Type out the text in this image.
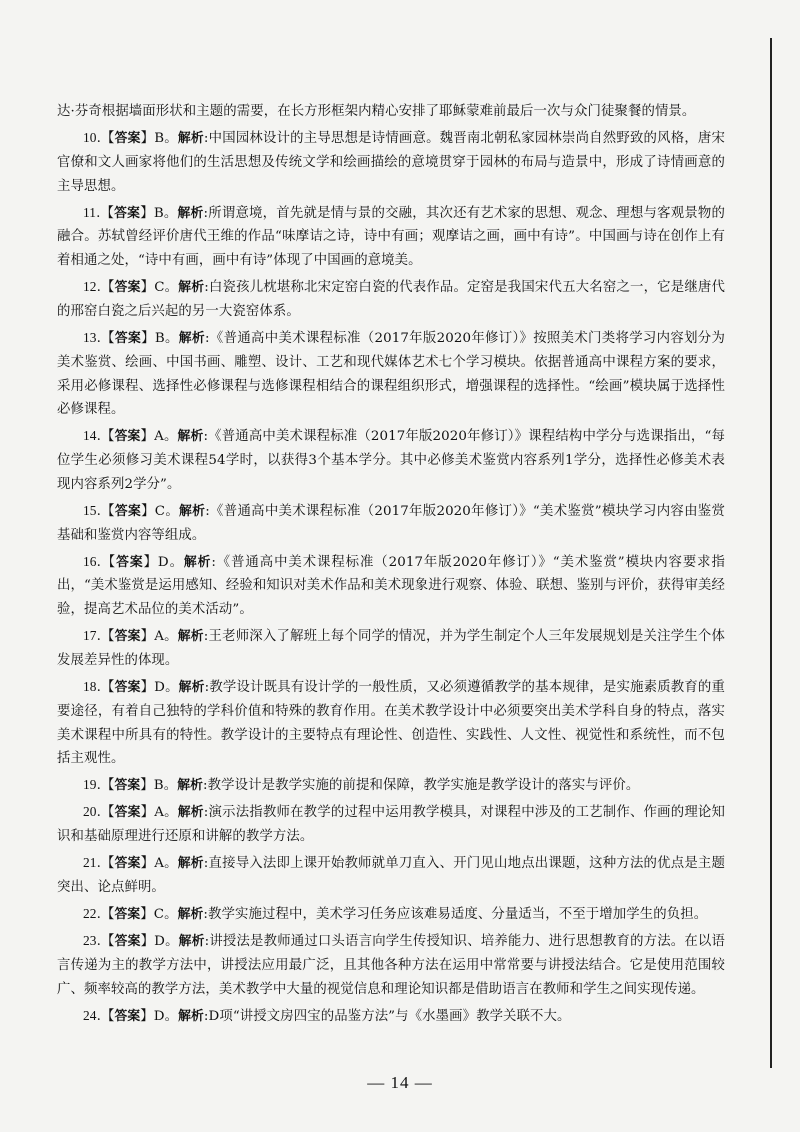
达·芬奇根据墙面形状和主题的需要，在长方形框架内精心安排了耶稣蒙难前最后一次与众门徒聚餐的情景。

10.【答案】B。解析:中国园林设计的主导思想是诗情画意。魏晋南北朝私家园林崇尚自然野致的风格，唐宋官僚和文人画家将他们的生活思想及传统文学和绘画描绘的意境贯穿于园林的布局与造景中，形成了诗情画意的主导思想。

11.【答案】B。解析:所谓意境，首先就是情与景的交融，其次还有艺术家的思想、观念、理想与客观景物的融合。苏轼曾经评价唐代王维的作品“味摩诘之诗，诗中有画；观摩诘之画，画中有诗”。中国画与诗在创作上有着相通之处，“诗中有画，画中有诗”体现了中国画的意境美。

12.【答案】C。解析:白瓷孩儿枕堪称北宋定窑白瓷的代表作品。定窑是我国宋代五大名窑之一，它是继唐代的邢窑白瓷之后兴起的另一大瓷窑体系。

13.【答案】B。解析:《普通高中美术课程标准（2017年版2020年修订）》按照美术门类将学习内容划分为美术鉴赏、绘画、中国书画、雕塑、设计、工艺和现代媒体艺术七个学习模块。依据普通高中课程方案的要求，采用必修课程、选择性必修课程与选修课程相结合的课程组织形式，增强课程的选择性。“绘画”模块属于选择性必修课程。

14.【答案】A。解析:《普通高中美术课程标准（2017年版2020年修订）》课程结构中学分与选课指出，“每位学生必须修习美术课程54学时，以获得3个基本学分。其中必修美术鉴赏内容系列1学分，选择性必修美术表现内容系列2学分”。

15.【答案】C。解析:《普通高中美术课程标准（2017年版2020年修订）》“美术鉴赏”模块学习内容由鉴赏基础和鉴赏内容等组成。

16.【答案】D。解析:《普通高中美术课程标准（2017年版2020年修订）》“美术鉴赏”模块内容要求指出，“美术鉴赏是运用感知、经验和知识对美术作品和美术现象进行观察、体验、联想、鉴别与评价，获得审美经验，提高艺术品位的美术活动”。

17.【答案】A。解析:王老师深入了解班上每个同学的情况，并为学生制定个人三年发展规划是关注学生个体发展差异性的体现。

18.【答案】D。解析:教学设计既具有设计学的一般性质，又必须遵循教学的基本规律，是实施素质教育的重要途径，有着自己独特的学科价值和特殊的教育作用。在美术教学设计中必须要突出美术学科自身的特点，落实美术课程中所具有的特性。教学设计的主要特点有理论性、创造性、实践性、人文性、视觉性和系统性，而不包括主观性。

19.【答案】B。解析:教学设计是教学实施的前提和保障，教学实施是教学设计的落实与评价。

20.【答案】A。解析:演示法指教师在教学的过程中运用教学模具，对课程中涉及的工艺制作、作画的理论知识和基础原理进行还原和讲解的教学方法。

21.【答案】A。解析:直接导入法即上课开始教师就单刀直入、开门见山地点出课题，这种方法的优点是主题突出、论点鲜明。

22.【答案】C。解析:教学实施过程中，美术学习任务应该难易适度、分量适当，不至于增加学生的负担。

23.【答案】D。解析:讲授法是教师通过口头语言向学生传授知识、培养能力、进行思想教育的方法。在以语言传递为主的教学方法中，讲授法应用最广泛，且其他各种方法在运用中常常要与讲授法结合。它是使用范围较广、频率较高的教学方法，美术教学中大量的视觉信息和理论知识都是借助语言在教师和学生之间实现传递。

24.【答案】D。解析:D项“讲授文房四宝的品鉴方法”与《水墨画》教学关联不大。

— 14 —
